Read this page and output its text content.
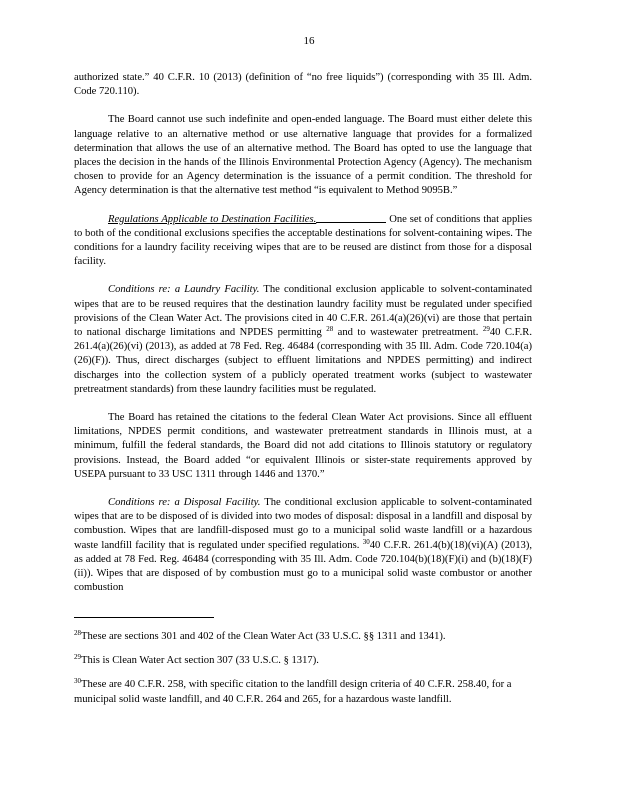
16

authorized state.” 40 C.F.R. 10 (2013) (definition of “no free liquids”) (corresponding with 35 Ill. Adm. Code 720.110).

The Board cannot use such indefinite and open-ended language. The Board must either delete this language relative to an alternative method or use alternative language that provides for a formalized determination that allows the use of an alternative method. The Board has opted to use the language that places the decision in the hands of the Illinois Environmental Protection Agency (Agency). The mechanism chosen to provide for an Agency determination is the issuance of a permit condition. The threshold for Agency determination is that the alternative test method “is equivalent to Method 9095B.”

Regulations Applicable to Destination Facilities.	One set of conditions that applies to both of the conditional exclusions specifies the acceptable destinations for solvent-containing wipes. The conditions for a laundry facility receiving wipes that are to be reused are distinct from those for a disposal facility.

Conditions re: a Laundry Facility. The conditional exclusion applicable to solvent-contaminated wipes that are to be reused requires that the destination laundry facility must be regulated under specified provisions of the Clean Water Act. The provisions cited in 40 C.F.R. 261.4(a)(26)(vi) are those that pertain to national discharge limitations and NPDES permitting $^{28}$ and to wastewater pretreatment. $^{29}$40 C.F.R. 261.4(a)(26)(vi) (2013), as added at 78 Fed. Reg. 46484 (corresponding with 35 Ill. Adm. Code 720.104(a)(26)(F)). Thus, direct discharges (subject to effluent limitations and NPDES permitting) and indirect discharges into the collection system of a publicly operated treatment works (subject to wastewater pretreatment standards) from these laundry facilities must be regulated.

The Board has retained the citations to the federal Clean Water Act provisions. Since all effluent limitations, NPDES permit conditions, and wastewater pretreatment standards in Illinois must, at a minimum, fulfill the federal standards, the Board did not add citations to Illinois statutory or regulatory provisions. Instead, the Board added “or equivalent Illinois or sister-state requirements approved by USEPA pursuant to 33 USC 1311 through 1446 and 1370.”

Conditions re: a Disposal Facility. The conditional exclusion applicable to solvent-contaminated wipes that are to be disposed of is divided into two modes of disposal: disposal in a landfill and disposal by combustion. Wipes that are landfill-disposed must go to a municipal solid waste landfill or a hazardous waste landfill facility that is regulated under specified regulations. $^{30}$40 C.F.R. 261.4(b)(18)(vi)(A) (2013), as added at 78 Fed. Reg. 46484 (corresponding with 35 Ill. Adm. Code 720.104(b)(18)(F)(i) and (b)(18)(F)(ii)). Wipes that are disposed of by combustion must go to a municipal solid waste combustor or another combustion

$^{28}$These are sections 301 and 402 of the Clean Water Act (33 U.S.C. §§ 1311 and 1341).

$^{29}$This is Clean Water Act section 307 (33 U.S.C. § 1317).

$^{30}$These are 40 C.F.R. 258, with specific citation to the landfill design criteria of 40 C.F.R. 258.40, for a municipal solid waste landfill, and 40 C.F.R. 264 and 265, for a hazardous waste landfill.
